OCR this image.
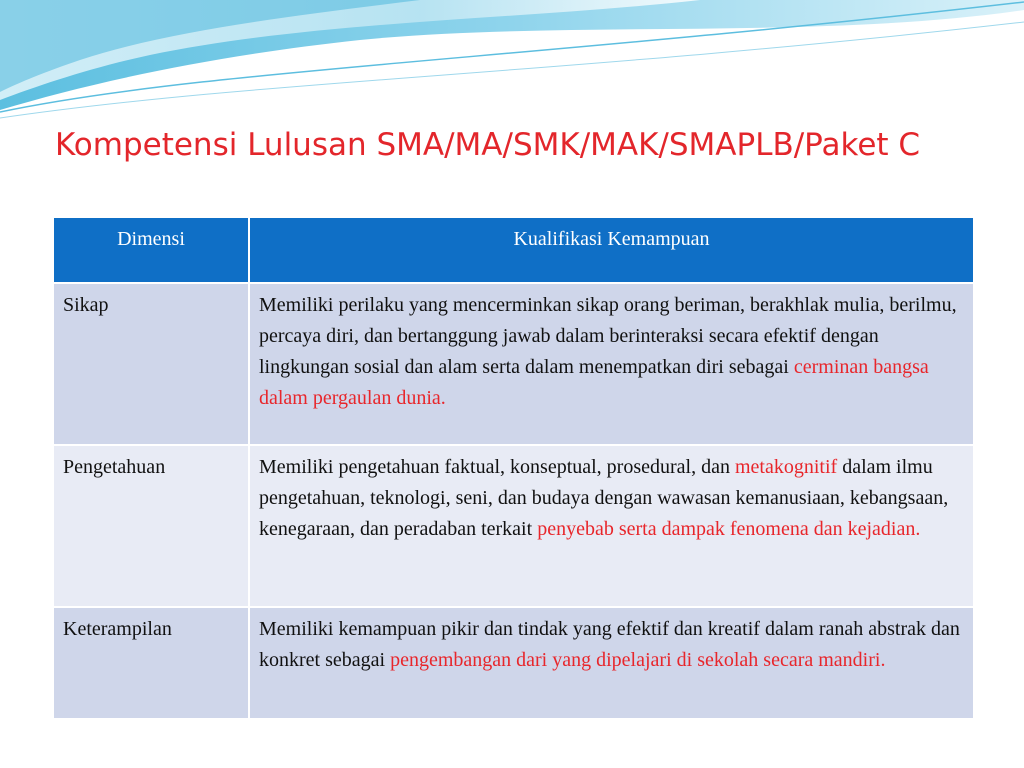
Kompetensi Lulusan SMA/MA/SMK/MAK/SMAPLB/Paket C
Dimensi	Kualifikasi Kemampuan
Sikap	Memiliki perilaku yang mencerminkan sikap orang beriman, berakhlak mulia, berilmu, percaya diri, dan bertanggung jawab dalam berinteraksi secara efektif dengan lingkungan sosial dan alam serta dalam menempatkan diri sebagai cerminan bangsa dalam pergaulan dunia.
Pengetahuan	Memiliki pengetahuan faktual, konseptual, prosedural, dan metakognitif dalam ilmu pengetahuan, teknologi, seni, dan budaya dengan wawasan kemanusiaan, kebangsaan, kenegaraan, dan peradaban terkait penyebab serta dampak fenomena dan kejadian.
Keterampilan	Memiliki kemampuan pikir dan tindak yang efektif dan kreatif dalam ranah abstrak dan konkret sebagai pengembangan dari yang dipelajari di sekolah secara mandiri.
